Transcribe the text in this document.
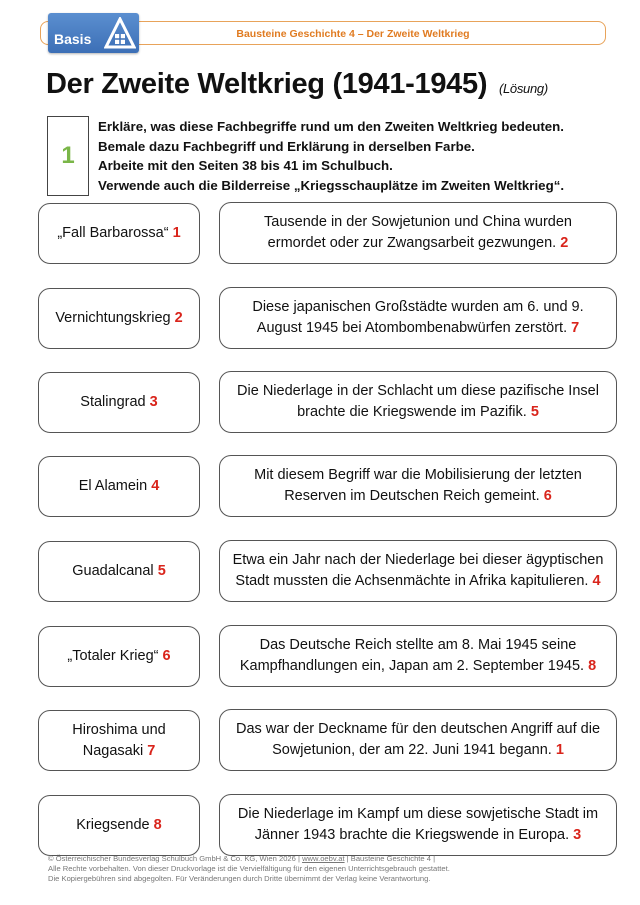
Bausteine Geschichte 4 – Der Zweite Weltkrieg
Basis
Der Zweite Weltkrieg (1941-1945) (Lösung)
1
Erkläre, was diese Fachbegriffe rund um den Zweiten Weltkrieg bedeuten.
Bemale dazu Fachbegriff und Erklärung in derselben Farbe.
Arbeite mit den Seiten 38 bis 41 im Schulbuch.
Verwende auch die Bilderreise „Kriegsschauplätze im Zweiten Weltkrieg“.
„Fall Barbarossa“ 1
Tausende in der Sowjetunion und China wurden
ermordet oder zur Zwangsarbeit gezwungen. 2
Vernichtungskrieg 2
Diese japanischen Großstädte wurden am 6. und 9.
August 1945 bei Atombombenabwürfen zerstört. 7
Stalingrad 3
Die Niederlage in der Schlacht um diese pazifische Insel
brachte die Kriegswende im Pazifik. 5
El Alamein 4
Mit diesem Begriff war die Mobilisierung der letzten
Reserven im Deutschen Reich gemeint. 6
Guadalcanal 5
Etwa ein Jahr nach der Niederlage bei dieser ägyptischen
Stadt mussten die Achsenmächte in Afrika kapitulieren. 4
„Totaler Krieg“ 6
Das Deutsche Reich stellte am 8. Mai 1945 seine
Kampfhandlungen ein, Japan am 2. September 1945. 8
Hiroshima und
Nagasaki 7
Das war der Deckname für den deutschen Angriff auf die
Sowjetunion, der am 22. Juni 1941 begann. 1
Kriegsende 8
Die Niederlage im Kampf um diese sowjetische Stadt im
Jänner 1943 brachte die Kriegswende in Europa. 3
© Österreichischer Bundesverlag Schulbuch GmbH & Co. KG, Wien 2026 | www.oebv.at | Bausteine Geschichte 4 |
Alle Rechte vorbehalten. Von dieser Druckvorlage ist die Vervielfältigung für den eigenen Unterrichtsgebrauch gestattet.
Die Kopiergebühren sind abgegolten. Für Veränderungen durch Dritte übernimmt der Verlag keine Verantwortung.
